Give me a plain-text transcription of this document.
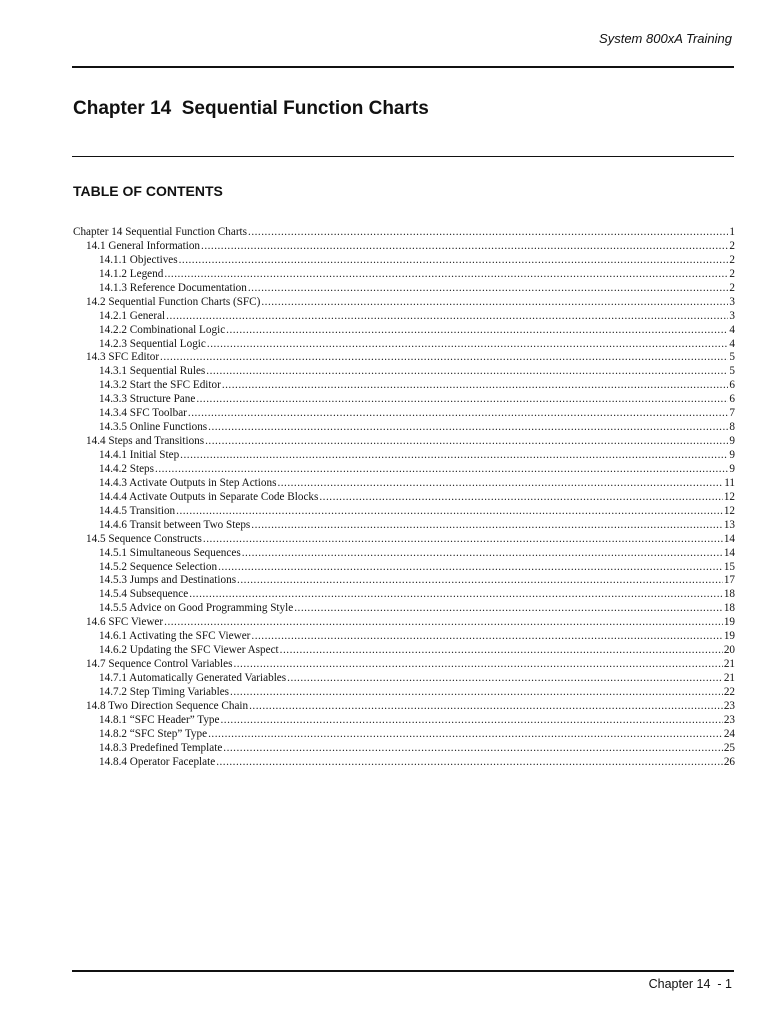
System 800xA Training
Chapter 14  Sequential Function Charts
TABLE OF CONTENTS
Chapter 14 Sequential Function Charts .....	1
14.1 General Information .....	2
14.1.1 Objectives .....	2
14.1.2 Legend .....	2
14.1.3 Reference Documentation .....	2
14.2 Sequential Function Charts (SFC) .....	3
14.2.1 General .....	3
14.2.2 Combinational Logic .....	4
14.2.3 Sequential Logic .....	4
14.3 SFC Editor .....	5
14.3.1 Sequential Rules .....	5
14.3.2 Start the SFC Editor .....	6
14.3.3 Structure Pane .....	6
14.3.4 SFC Toolbar .....	7
14.3.5 Online Functions .....	8
14.4 Steps and Transitions .....	9
14.4.1 Initial Step .....	9
14.4.2 Steps .....	9
14.4.3 Activate Outputs in Step Actions .....	11
14.4.4 Activate Outputs in Separate Code Blocks .....	12
14.4.5 Transition .....	12
14.4.6 Transit between Two Steps .....	13
14.5 Sequence Constructs .....	14
14.5.1 Simultaneous Sequences .....	14
14.5.2 Sequence Selection .....	15
14.5.3 Jumps and Destinations .....	17
14.5.4 Subsequence .....	18
14.5.5 Advice on Good Programming Style .....	18
14.6 SFC Viewer .....	19
14.6.1 Activating the SFC Viewer .....	19
14.6.2 Updating the SFC Viewer Aspect .....	20
14.7 Sequence Control Variables .....	21
14.7.1 Automatically Generated Variables .....	21
14.7.2 Step Timing Variables .....	22
14.8 Two Direction Sequence Chain .....	23
14.8.1 “SFC Header” Type .....	23
14.8.2 “SFC Step” Type .....	24
14.8.3 Predefined Template .....	25
14.8.4 Operator Faceplate .....	26
Chapter 14  - 1
